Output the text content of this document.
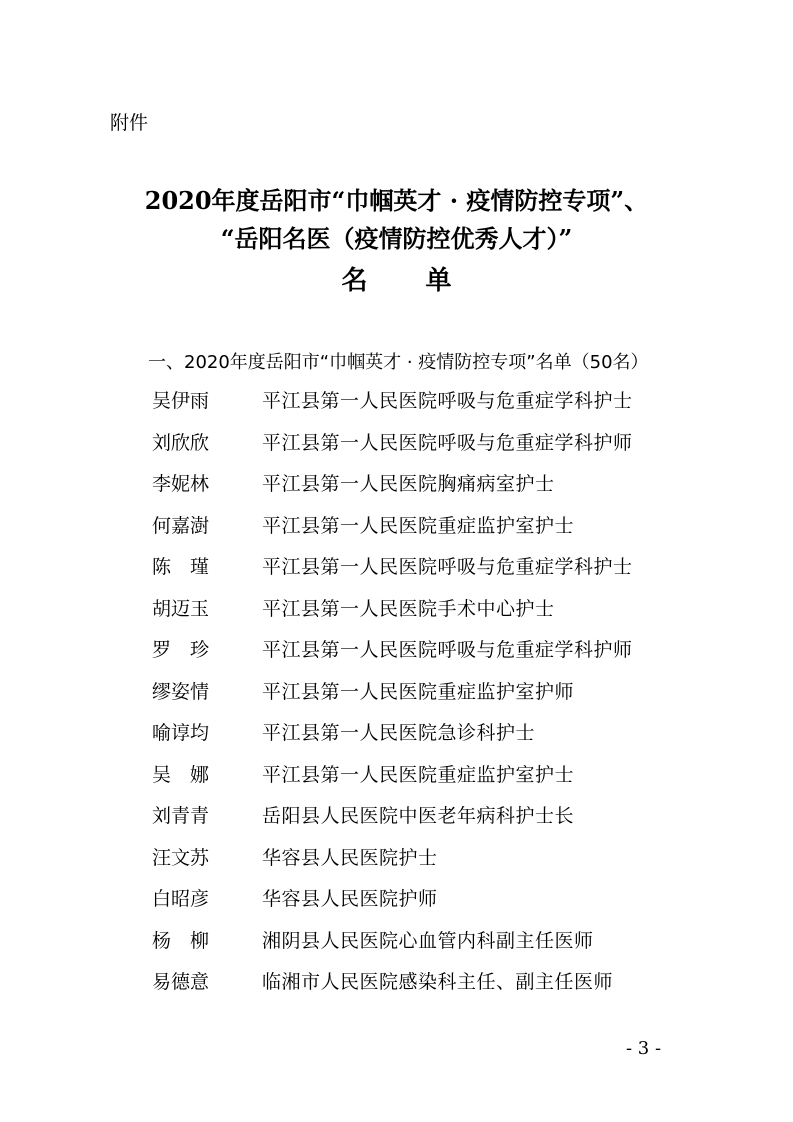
附件
2020年度岳阳市“巾帼英才 · 疫情防控专项”、
“岳阳名医（疫情防控优秀人才）”
名单
一、2020年度岳阳市“巾帼英才 · 疫情防控专项”名单（50名）
吴伊雨	平江县第一人民医院呼吸与危重症学科护士
刘欣欣	平江县第一人民医院呼吸与危重症学科护师
李妮林	平江县第一人民医院胸痛病室护士
何嘉澍	平江县第一人民医院重症监护室护士
陈　瑾	平江县第一人民医院呼吸与危重症学科护士
胡迈玉	平江县第一人民医院手术中心护士
罗　珍	平江县第一人民医院呼吸与危重症学科护师
缪姿情	平江县第一人民医院重症监护室护师
喻谆均	平江县第一人民医院急诊科护士
吴　娜	平江县第一人民医院重症监护室护士
刘青青	岳阳县人民医院中医老年病科护士长
汪文苏	华容县人民医院护士
白昭彦	华容县人民医院护师
杨　柳	湘阴县人民医院心血管内科副主任医师
易德意	临湘市人民医院感染科主任、副主任医师
- 3 -
